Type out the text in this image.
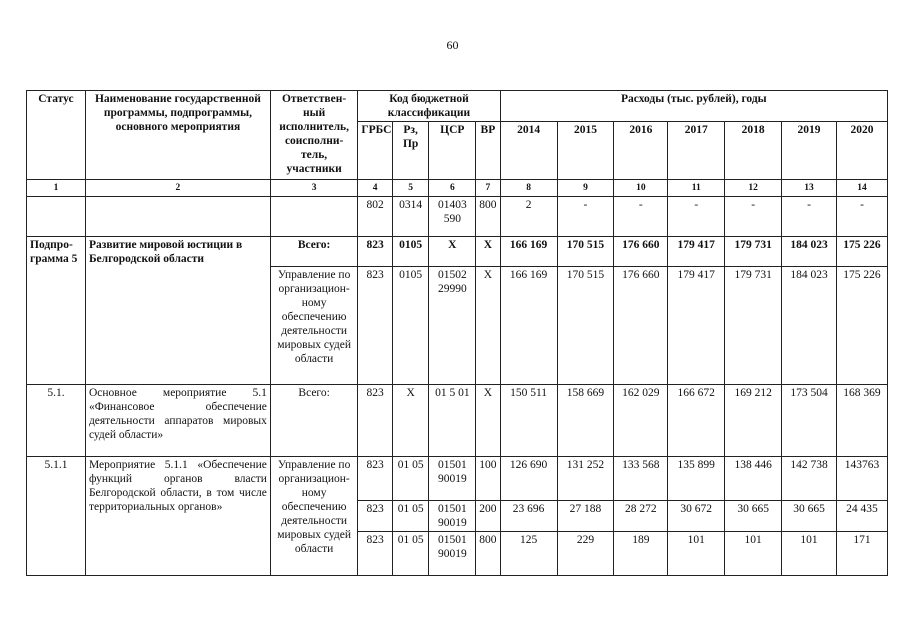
60
Статус	Наименование государственной программы, подпрограммы, основного мероприятия	Ответствен-ный исполнитель, соисполни-тель, участники	Код бюджетной классификации				Расходы (тыс. рублей), годы						
			ГРБС	Рз, Пр	ЦСР	ВР	2014	2015	2016	2017	2018	2019	2020
1	2	3	4	5	6	7	8	9	10	11	12	13	14
			802	0314	01403 590	800	2	-	-	-	-	-	-
Подпро-грамма 5	Развитие мировой юстиции в Белгородской области	Всего:	823	0105	Х	Х	166 169	170 515	176 660	179 417	179 731	184 023	175 226
		Управление по организацион-ному обеспечению деятельности мировых судей области	823	0105	01502 29990	Х	166 169	170 515	176 660	179 417	179 731	184 023	175 226
5.1.	Основное мероприятие 5.1 «Финансовое обеспечение деятельности аппаратов мировых судей области»	Всего:	823	Х	01 5 01	Х	150 511	158 669	162 029	166 672	169 212	173 504	168 369
5.1.1	Мероприятие 5.1.1 «Обеспечение функций органов власти Белгородской области, в том числе территориальных органов»	Управление по организацион-ному обеспечению деятельности мировых судей области	823	01 05	01501 90019	100	126 690	131 252	133 568	135 899	138 446	142 738	143763
			823	01 05	01501 90019	200	23 696	27 188	28 272	30 672	30 665	30 665	24 435
			823	01 05	01501 90019	800	125	229	189	101	101	101	171
